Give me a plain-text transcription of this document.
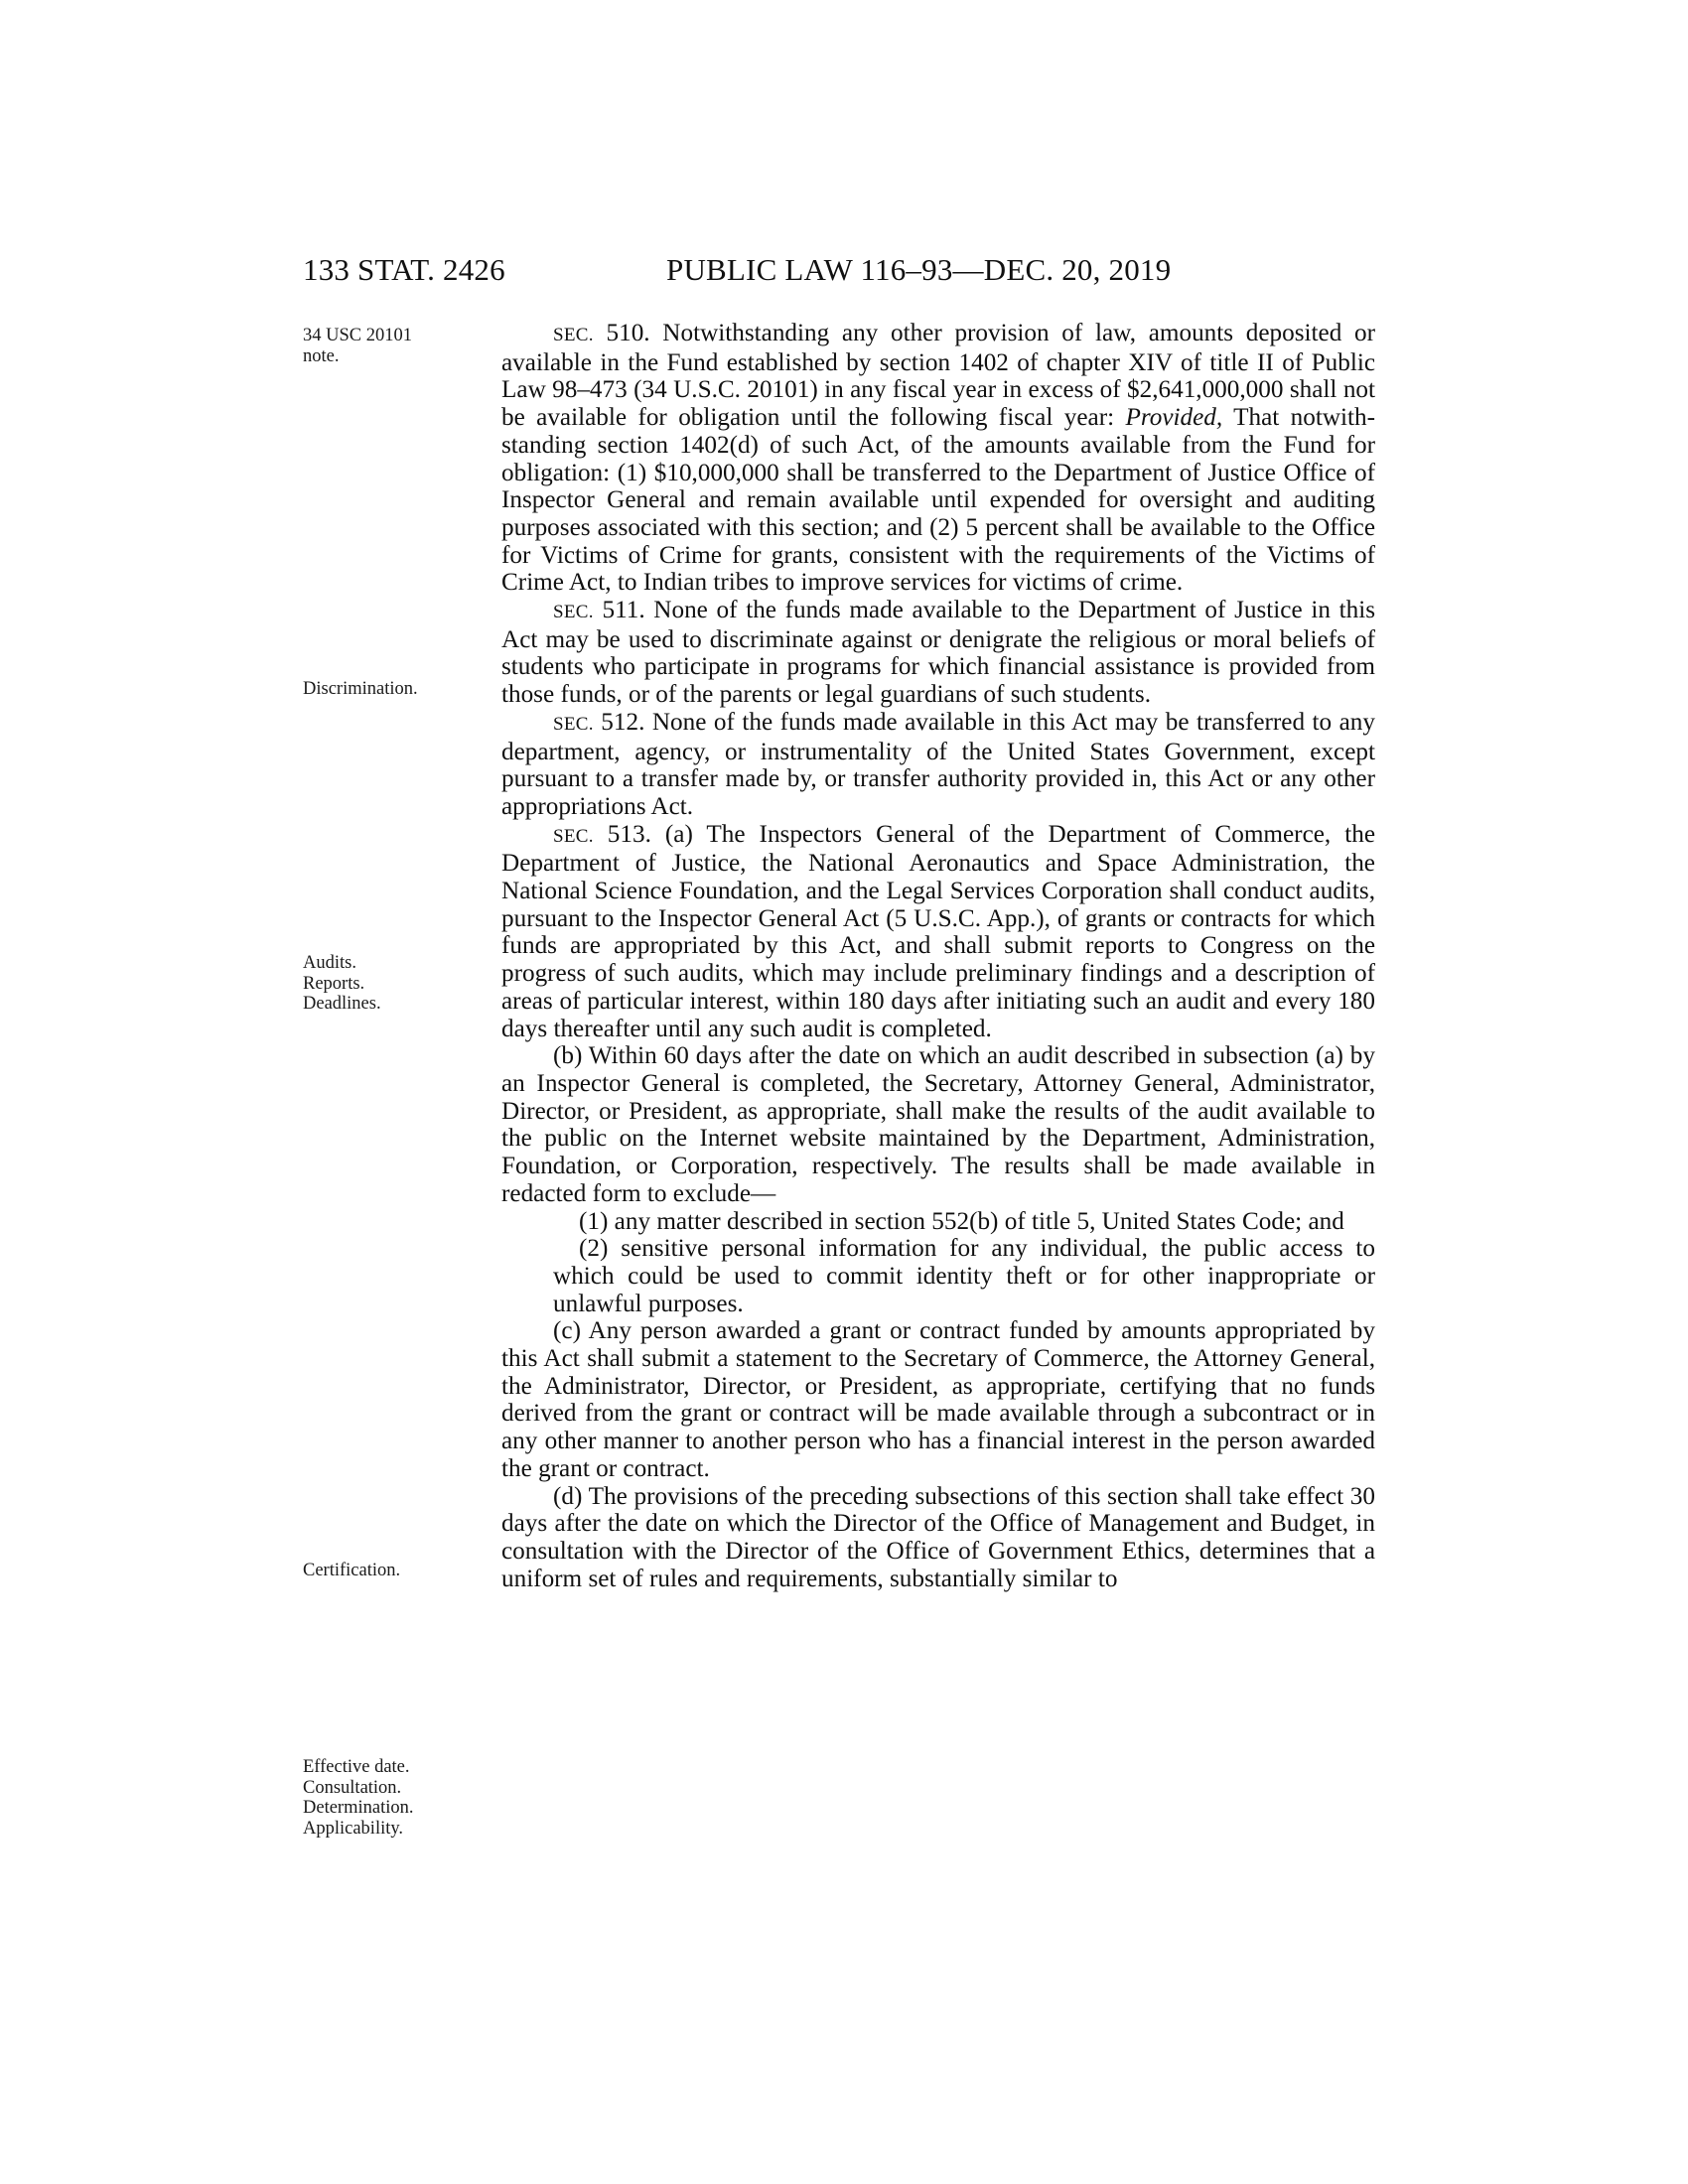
133 STAT. 2426	PUBLIC LAW 116–93—DEC. 20, 2019
34 USC 20101
note.
Discrimination.
Audits.
Reports.
Deadlines.
Certification.
Effective date.
Consultation.
Determination.
Applicability.

SEC. 510. Notwithstanding any other provision of law, amounts deposited or available in the Fund established by section 1402 of chapter XIV of title II of Public Law 98–473 (34 U.S.C. 20101) in any fiscal year in excess of $2,641,000,000 shall not be available for obligation until the following fiscal year: Provided, That notwithstanding section 1402(d) of such Act, of the amounts available from the Fund for obligation: (1) $10,000,000 shall be transferred to the Department of Justice Office of Inspector General and remain available until expended for oversight and auditing purposes associated with this section; and (2) 5 percent shall be available to the Office for Victims of Crime for grants, consistent with the requirements of the Victims of Crime Act, to Indian tribes to improve services for victims of crime.

SEC. 511. None of the funds made available to the Department of Justice in this Act may be used to discriminate against or denigrate the religious or moral beliefs of students who participate in programs for which financial assistance is provided from those funds, or of the parents or legal guardians of such students.

SEC. 512. None of the funds made available in this Act may be transferred to any department, agency, or instrumentality of the United States Government, except pursuant to a transfer made by, or transfer authority provided in, this Act or any other appropriations Act.

SEC. 513. (a) The Inspectors General of the Department of Commerce, the Department of Justice, the National Aeronautics and Space Administration, the National Science Foundation, and the Legal Services Corporation shall conduct audits, pursuant to the Inspector General Act (5 U.S.C. App.), of grants or contracts for which funds are appropriated by this Act, and shall submit reports to Congress on the progress of such audits, which may include preliminary findings and a description of areas of particular interest, within 180 days after initiating such an audit and every 180 days thereafter until any such audit is completed.

(b) Within 60 days after the date on which an audit described in subsection (a) by an Inspector General is completed, the Secretary, Attorney General, Administrator, Director, or President, as appropriate, shall make the results of the audit available to the public on the Internet website maintained by the Department, Administration, Foundation, or Corporation, respectively. The results shall be made available in redacted form to exclude—

(1) any matter described in section 552(b) of title 5, United States Code; and

(2) sensitive personal information for any individual, the public access to which could be used to commit identity theft or for other inappropriate or unlawful purposes.

(c) Any person awarded a grant or contract funded by amounts appropriated by this Act shall submit a statement to the Secretary of Commerce, the Attorney General, the Administrator, Director, or President, as appropriate, certifying that no funds derived from the grant or contract will be made available through a subcontract or in any other manner to another person who has a financial interest in the person awarded the grant or contract.

(d) The provisions of the preceding subsections of this section shall take effect 30 days after the date on which the Director of the Office of Management and Budget, in consultation with the Director of the Office of Government Ethics, determines that a uniform set of rules and requirements, substantially similar to
